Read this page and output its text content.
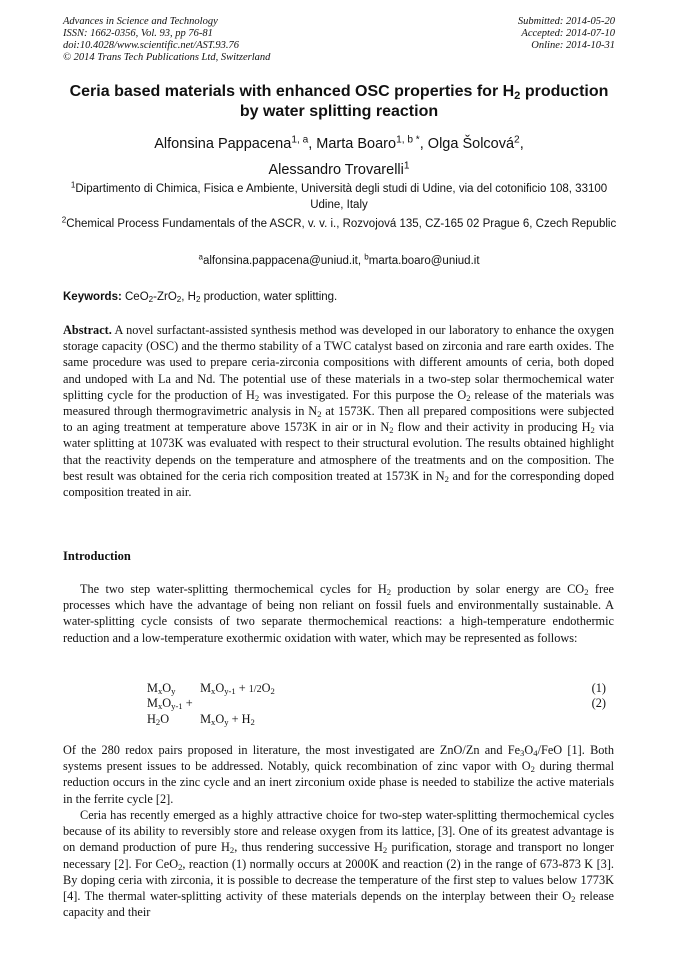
Advances in Science and Technology
ISSN: 1662-0356, Vol. 93, pp 76-81
doi:10.4028/www.scientific.net/AST.93.76
© 2014 Trans Tech Publications Ltd, Switzerland
Submitted: 2014-05-20
Accepted: 2014-07-10
Online: 2014-10-31
Ceria based materials with enhanced OSC properties for $H_2$ production
by water splitting reaction
Alfonsina Pappacena$^{1, a}$, Marta Boaro$^{1, b *}$, Olga Šolcová$^2$,
Alessandro Trovarelli$^1$
$^1$Dipartimento di Chimica, Fisica e Ambiente, Università degli studi di Udine, via del cotonificio 108, 33100 Udine, Italy
$^2$Chemical Process Fundamentals of the ASCR, v. v. i., Rozvojová 135, CZ-165 02 Prague 6, Czech Republic
$^a$alfonsina.pappacena@uniud.it, $^b$marta.boaro@uniud.it
Keywords: CeO$_2$-ZrO$_2$, $H_2$ production, water splitting.
Abstract. A novel surfactant-assisted synthesis method was developed in our laboratory to enhance the oxygen storage capacity (OSC) and the thermo stability of a TWC catalyst based on zirconia and rare earth oxides. The same procedure was used to prepare ceria-zirconia compositions with different amounts of ceria, both doped and undoped with La and Nd. The potential use of these materials in a two-step solar thermochemical water splitting cycle for the production of $H_2$ was investigated. For this purpose the $O_2$ release of the materials was measured through thermogravimetric analysis in $N_2$ at 1573K. Then all prepared compositions were subjected to an aging treatment at temperature above 1573K in air or in $N_2$ flow and their activity in producing $H_2$ via water splitting at 1073K was evaluated with respect to their structural evolution. The results obtained highlight that the reactivity depends on the temperature and atmosphere of the treatments and on the composition. The best result was obtained for the ceria rich composition treated at 1573K in $N_2$ and for the corresponding doped composition treated in air.
Introduction
The two step water-splitting thermochemical cycles for $H_2$ production by solar energy are $CO_2$ free processes which have the advantage of being non reliant on fossil fuels and environmentally sustainable. A water-splitting cycle consists of two separate thermochemical reactions: a high-temperature endothermic reduction and a low-temperature exothermic oxidation with water, which may be represented as follows:
$M_xO_y$ $M_xO_{y-1} + 1/2O_2$	(1)
$M_xO_{y-1} + H_2O$	$M_xO_y + H_2$
(2)
Of the 280 redox pairs proposed in literature, the most investigated are ZnO/Zn and $Fe_3O_4$/FeO [1]. Both systems present issues to be addressed. Notably, quick recombination of zinc vapor with $O_2$ during thermal reduction occurs in the zinc cycle and an inert zirconium oxide phase is needed to stabilize the active materials in the ferrite cycle [2].
Ceria has recently emerged as a highly attractive choice for two-step water-splitting thermochemical cycles because of its ability to reversibly store and release oxygen from its lattice, [3]. One of its greatest advantage is on demand production of pure $H_2$, thus rendering successive $H_2$ purification, storage and transport no longer necessary [2]. For CeO$_2$, reaction (1) normally occurs at 2000K and reaction (2) in the range of 673-873 K [3]. By doping ceria with zirconia, it is possible to decrease the temperature of the first step to values below 1773K [4]. The thermal water-splitting activity of these materials depends on the interplay between their $O_2$ release capacity and their
